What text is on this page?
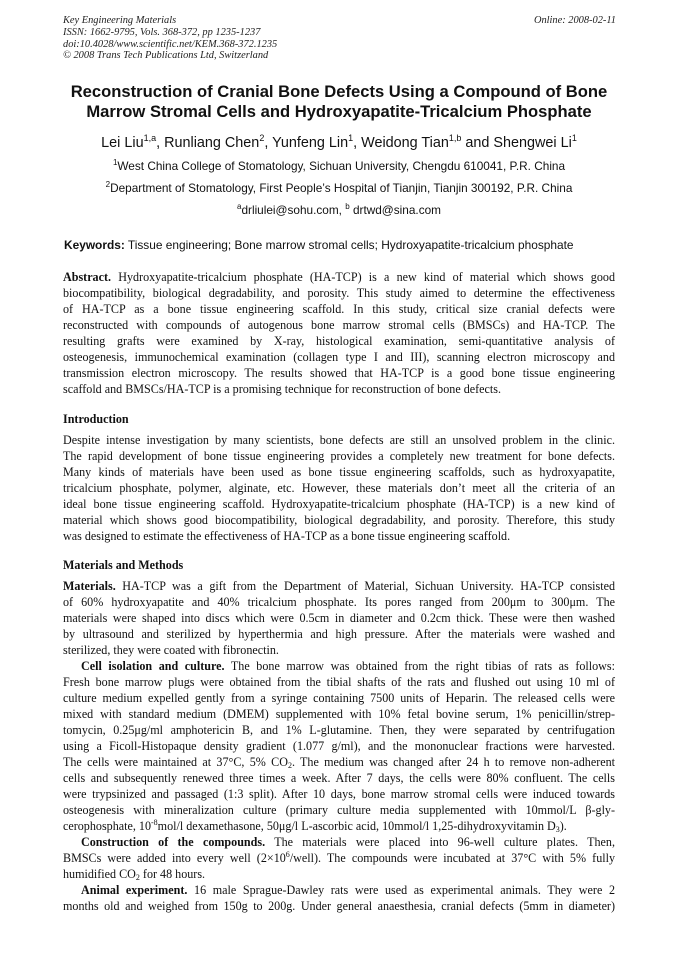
Key Engineering Materials
ISSN: 1662-9795, Vols. 368-372, pp 1235-1237
doi:10.4028/www.scientific.net/KEM.368-372.1235
© 2008 Trans Tech Publications Ltd, Switzerland
Online: 2008-02-11
Reconstruction of Cranial Bone Defects Using a Compound of Bone
Marrow Stromal Cells and Hydroxyapatite-Tricalcium Phosphate
Lei Liu$^{1,a}$, Runliang Chen$^2$, Yunfeng Lin$^1$, Weidong Tian$^{1,b}$ and Shengwei Li$^1$
$^1$West China College of Stomatology, Sichuan University, Chengdu 610041, P.R. China
$^2$Department of Stomatology, First People’s Hospital of Tianjin, Tianjin 300192, P.R. China
$^a$drliulei@sohu.com, $^b$ drtwd@sina.com
Keywords: Tissue engineering; Bone marrow stromal cells; Hydroxyapatite-tricalcium phosphate
Abstract. Hydroxyapatite-tricalcium phosphate (HA-TCP) is a new kind of material which shows good
biocompatibility, biological degradability, and porosity. This study aimed to determine the effectiveness
of HA-TCP as a bone tissue engineering scaffold. In this study, critical size cranial defects were
reconstructed with compounds of autogenous bone marrow stromal cells (BMSCs) and HA-TCP. The
resulting grafts were examined by X-ray, histological examination, semi-quantitative analysis of
osteogenesis, immunochemical examination (collagen type I and III), scanning electron microscopy and
transmission electron microscopy. The results showed that HA-TCP is a good bone tissue engineering
scaffold and BMSCs/HA-TCP is a promising technique for reconstruction of bone defects.
Introduction
Despite intense investigation by many scientists, bone defects are still an unsolved problem in the clinic.
The rapid development of bone tissue engineering provides a completely new treatment for bone defects.
Many kinds of materials have been used as bone tissue engineering scaffolds, such as hydroxyapatite,
tricalcium phosphate, polymer, alginate, etc. However, these materials don’t meet all the criteria of an
ideal bone tissue engineering scaffold. Hydroxyapatite-tricalcium phosphate (HA-TCP) is a new kind of
material which shows good biocompatibility, biological degradability, and porosity. Therefore, this study
was designed to estimate the effectiveness of HA-TCP as a bone tissue engineering scaffold.
Materials and Methods
Materials. HA-TCP was a gift from the Department of Material, Sichuan University. HA-TCP consisted
of 60% hydroxyapatite and 40% tricalcium phosphate. Its pores ranged from 200μm to 300μm. The
materials were shaped into discs which were 0.5cm in diameter and 0.2cm thick. These were then washed
by ultrasound and sterilized by hyperthermia and high pressure. After the materials were washed and
sterilized, they were coated with fibronectin.
Cell isolation and culture. The bone marrow was obtained from the right tibias of rats as follows:
Fresh bone marrow plugs were obtained from the tibial shafts of the rats and flushed out using 10 ml of
culture medium expelled gently from a syringe containing 7500 units of Heparin. The released cells were
mixed with standard medium (DMEM) supplemented with 10% fetal bovine serum, 1% penicillin/strep-
tomycin, 0.25μg/ml amphotericin B, and 1% L-glutamine. Then, they were separated by centrifugation
using a Ficoll-Histopaque density gradient (1.077 g/ml), and the mononuclear fractions were harvested.
The cells were maintained at 37°C, 5% $CO_2$. The medium was changed after 24 h to remove non-adherent
cells and subsequently renewed three times a week. After 7 days, the cells were 80% confluent. The cells
were trypsinized and passaged (1:3 split). After 10 days, bone marrow stromal cells were induced towards
osteogenesis with mineralization culture (primary culture media supplemented with 10mmol/L β-gly-
cerophosphate, $10^{-8}mol/l$ dexamethasone, 50μg/l L-ascorbic acid, 10mmol/l 1,25-dihydroxyvitamin $D_3$).
Construction of the compounds. The materials were placed into 96-well culture plates. Then,
BMSCs were added into every well $(2\times 10^6/well)$. The compounds were incubated at 37°C with 5% fully
humidified $CO_2$ for 48 hours.
Animal experiment. 16 male Sprague-Dawley rats were used as experimental animals. They were 2
months old and weighed from 150g to 200g. Under general anaesthesia, cranial defects (5mm in diameter)
